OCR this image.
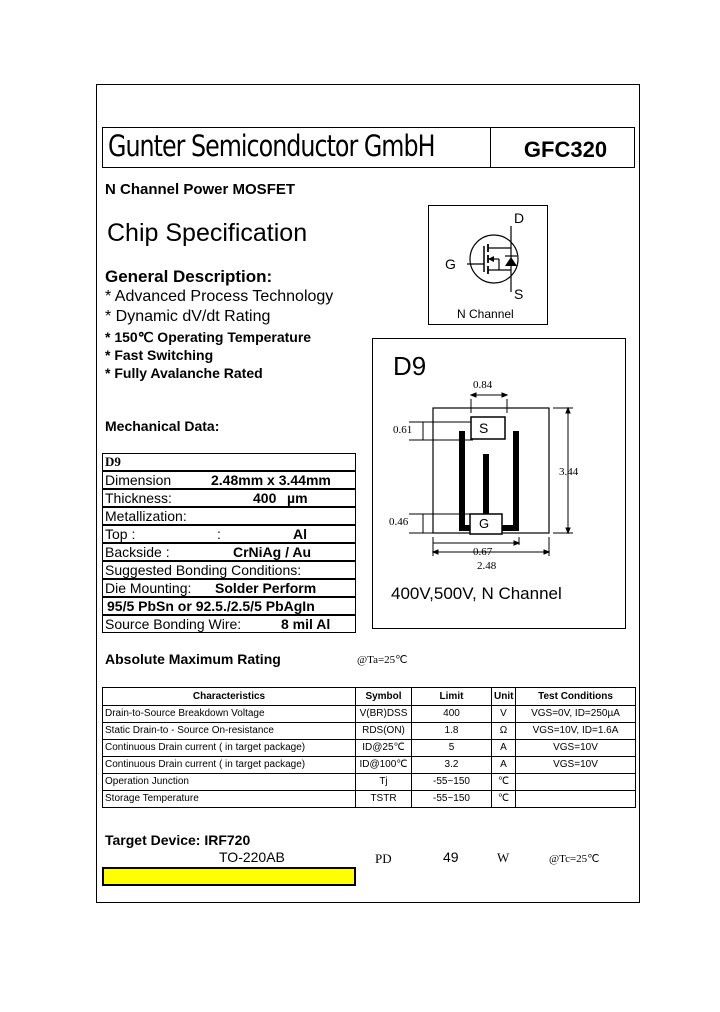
Gunter Semiconductor GmbH	GFC320
N Channel Power MOSFET
Chip Specification
General Description:
* Advanced Process Technology
* Dynamic dV/dt Rating
* 150℃ Operating Temperature
* Fast Switching
* Fully Avalanche Rated
Mechanical Data:
D9
Dimension	2.48mm x 3.44mm
Thickness:	400 µm
Metallization:
Top :	:	Al
Backside :	CrNiAg / Au
Suggested Bonding Conditions:
Die Mounting: Solder Perform
95/5 PbSn or 92.5./2.5/5 PbAgIn
Source Bonding Wire:	8 mil Al
D
G
S
N Channel
D9
S
G
0.84
0.61
3.44
0.46
0.67
2.48
400V,500V, N Channel
Absolute Maximum Rating	@Ta=25℃
Characteristics	Symbol	Limit	Unit	Test Conditions
Drain-to-Source Breakdown Voltage	V(BR)DSS	400	V	VGS=0V, ID=250µA
Static Drain-to - Source On-resistance	RDS(ON)	1.8	Ω	VGS=10V, ID=1.6A
Continuous Drain current ( in target package)	ID@25℃	5	A	VGS=10V
Continuous Drain current ( in target package)	ID@100℃	3.2	A	VGS=10V
Operation Junction	Tj	-55~150	℃	
Storage Temperature	TSTR	-55~150	℃	
Target Device: IRF720
TO-220AB	PD	49	W	@Tc=25℃
